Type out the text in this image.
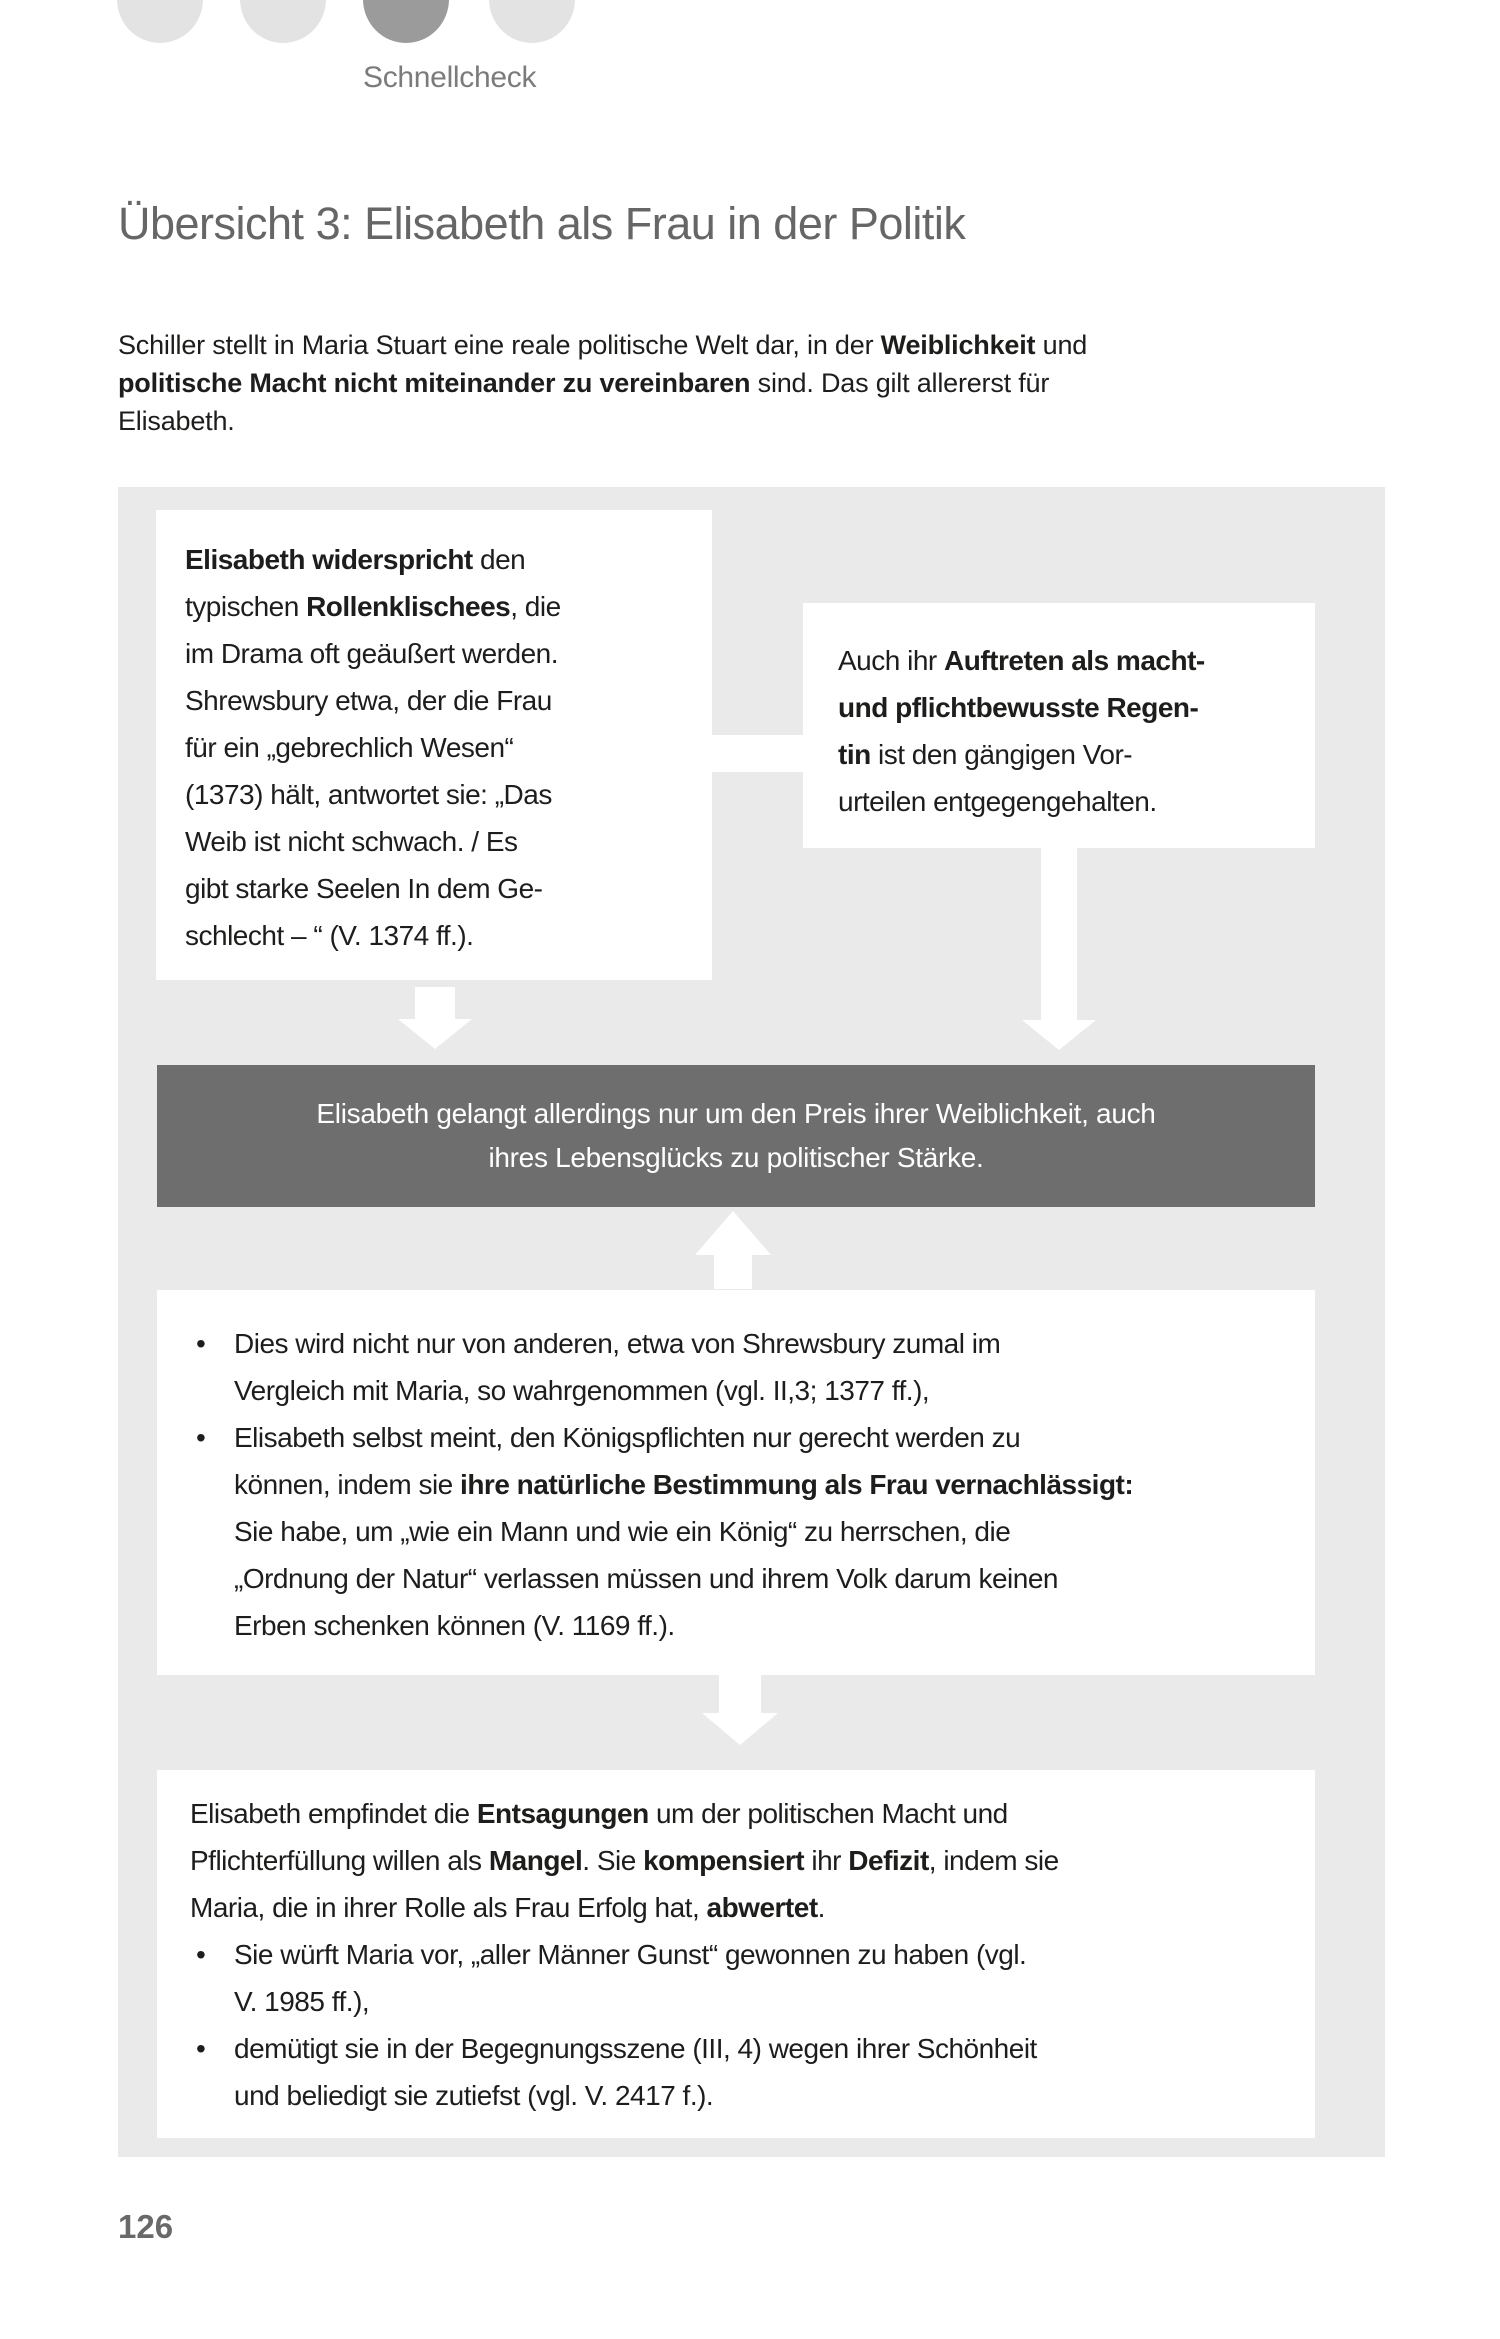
Schnellcheck
Übersicht 3: Elisabeth als Frau in der Politik
Schiller stellt in Maria Stuart eine reale politische Welt dar, in der Weiblichkeit und
politische Macht nicht miteinander zu vereinbaren sind. Das gilt allererst für
Elisabeth.

Elisabeth widerspricht den
typischen Rollenklischees, die
im Drama oft geäußert werden.
Shrewsbury etwa, der die Frau
für ein „gebrechlich Wesen“
(1373) hält, antwortet sie: „Das
Weib ist nicht schwach. / Es
gibt starke Seelen In dem Ge-
schlecht – “ (V. 1374 ff.).

Auch ihr Auftreten als macht-
und pflichtbewusste Regen-
tin ist den gängigen Vor-
urteilen entgegengehalten.

Elisabeth gelangt allerdings nur um den Preis ihrer Weiblichkeit, auch
ihres Lebensglücks zu politischer Stärke.
• Dies wird nicht nur von anderen, etwa von Shrewsbury zumal im
Vergleich mit Maria, so wahrgenommen (vgl. II,3; 1377 ff.),
• Elisabeth selbst meint, den Königspflichten nur gerecht werden zu
können, indem sie ihre natürliche Bestimmung als Frau vernachlässigt:
Sie habe, um „wie ein Mann und wie ein König“ zu herrschen, die
„Ordnung der Natur“ verlassen müssen und ihrem Volk darum keinen
Erben schenken können (V. 1169 ff.).

Elisabeth empfindet die Entsagungen um der politischen Macht und
Pflichterfüllung willen als Mangel. Sie kompensiert ihr Defizit, indem sie
Maria, die in ihrer Rolle als Frau Erfolg hat, abwertet.

• Sie würft Maria vor, „aller Männer Gunst“ gewonnen zu haben (vgl.
V. 1985 ff.),
• demütigt sie in der Begegnungsszene (III, 4) wegen ihrer Schönheit
und beliedigt sie zutiefst (vgl. V. 2417 f.).
126
